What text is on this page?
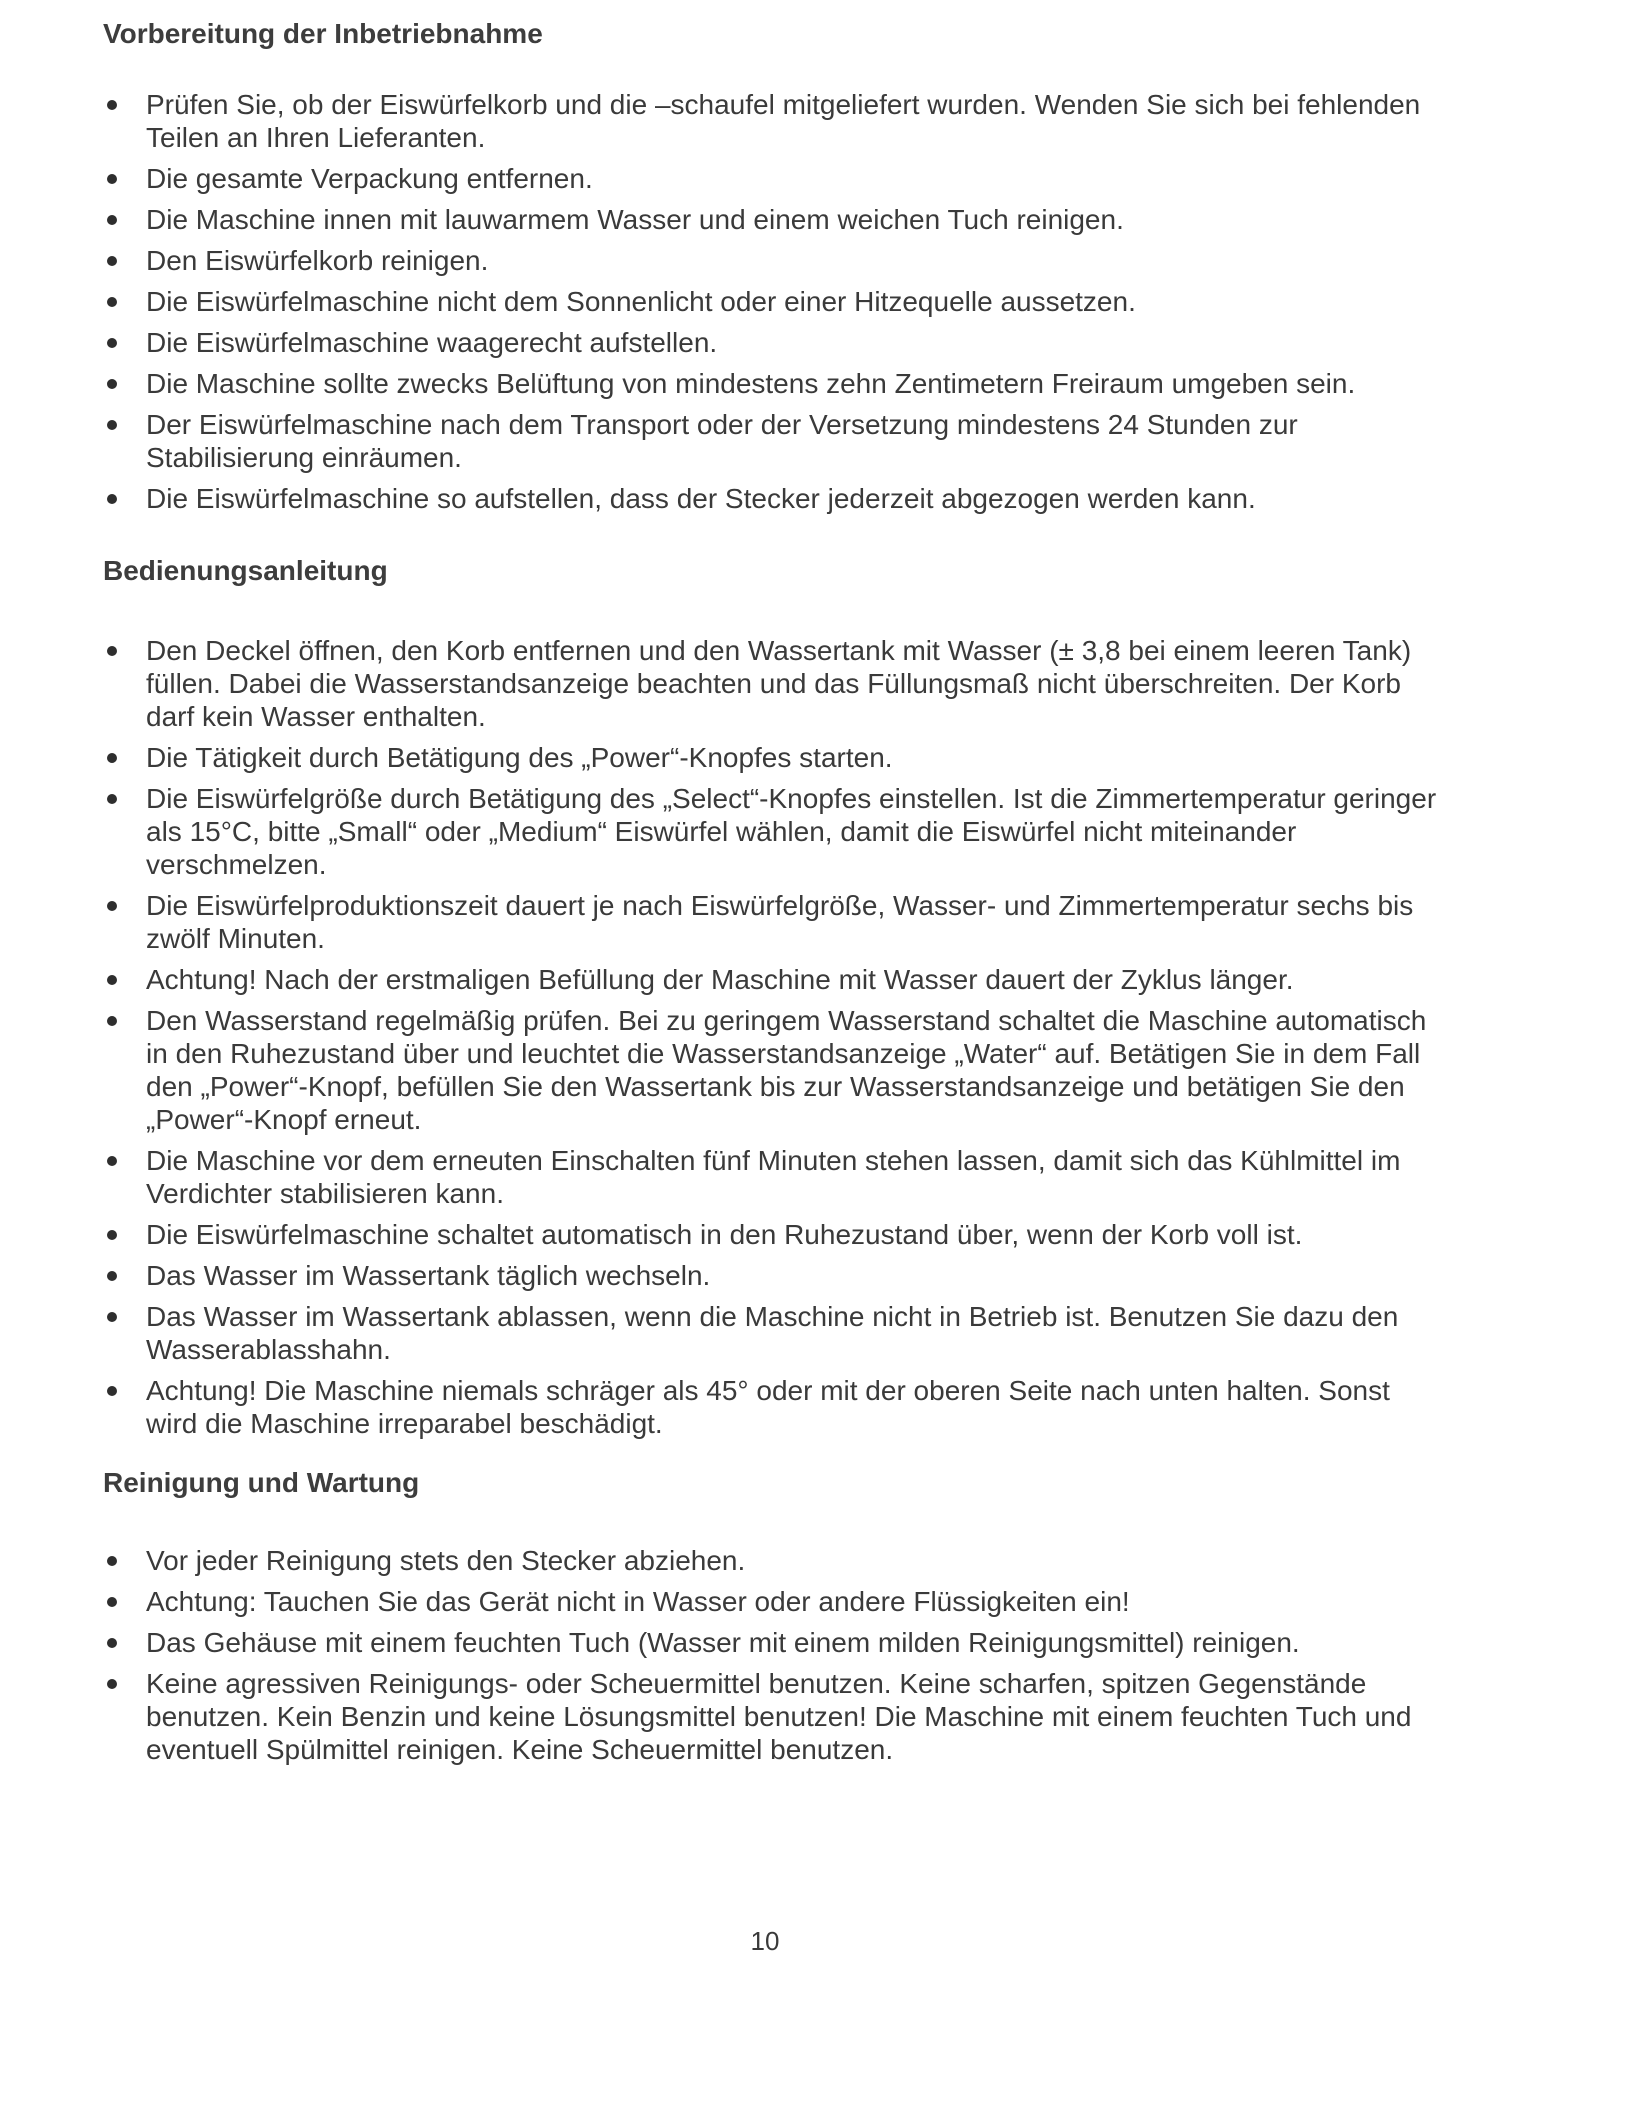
Vorbereitung der Inbetriebnahme
Prüfen Sie, ob der Eiswürfelkorb und die –schaufel mitgeliefert wurden. Wenden Sie sich bei fehlenden Teilen an Ihren Lieferanten.
Die gesamte Verpackung entfernen.
Die Maschine innen mit lauwarmem Wasser und einem weichen Tuch reinigen.
Den Eiswürfelkorb reinigen.
Die Eiswürfelmaschine nicht dem Sonnenlicht oder einer Hitzequelle aussetzen.
Die Eiswürfelmaschine waagerecht aufstellen.
Die Maschine sollte zwecks Belüftung von mindestens zehn Zentimetern Freiraum umgeben sein.
Der Eiswürfelmaschine nach dem Transport oder der Versetzung mindestens 24 Stunden zur Stabilisierung einräumen.
Die Eiswürfelmaschine so aufstellen, dass der Stecker jederzeit abgezogen werden kann.
Bedienungsanleitung
Den Deckel öffnen, den Korb entfernen und den Wassertank mit Wasser (± 3,8 bei einem leeren Tank) füllen. Dabei die Wasserstandsanzeige beachten und das Füllungsmaß nicht überschreiten. Der Korb darf kein Wasser enthalten.
Die Tätigkeit durch Betätigung des „Power“-Knopfes starten.
Die Eiswürfelgröße durch Betätigung des „Select“-Knopfes einstellen. Ist die Zimmertemperatur geringer als 15°C, bitte „Small“ oder „Medium“ Eiswürfel wählen, damit die Eiswürfel nicht miteinander verschmelzen.
Die Eiswürfelproduktionszeit dauert je nach Eiswürfelgröße, Wasser- und Zimmertemperatur sechs bis zwölf Minuten.
Achtung! Nach der erstmaligen Befüllung der Maschine mit Wasser dauert der Zyklus länger.
Den Wasserstand regelmäßig prüfen. Bei zu geringem Wasserstand schaltet die Maschine automatisch in den Ruhezustand über und leuchtet die Wasserstandsanzeige „Water“ auf. Betätigen Sie in dem Fall den „Power“-Knopf, befüllen Sie den Wassertank bis zur Wasserstandsanzeige und betätigen Sie den „Power“-Knopf erneut.
Die Maschine vor dem erneuten Einschalten fünf Minuten stehen lassen, damit sich das Kühlmittel im Verdichter stabilisieren kann.
Die Eiswürfelmaschine schaltet automatisch in den Ruhezustand über, wenn der Korb voll ist.
Das Wasser im Wassertank täglich wechseln.
Das Wasser im Wassertank ablassen, wenn die Maschine nicht in Betrieb ist. Benutzen Sie dazu den Wasserablasshahn.
Achtung! Die Maschine niemals schräger als 45° oder mit der oberen Seite nach unten halten. Sonst wird die Maschine irreparabel beschädigt.
Reinigung und Wartung
Vor jeder Reinigung stets den Stecker abziehen.
Achtung: Tauchen Sie das Gerät nicht in Wasser oder andere Flüssigkeiten ein!
Das Gehäuse mit einem feuchten Tuch (Wasser mit einem milden Reinigungsmittel) reinigen.
Keine agressiven Reinigungs- oder Scheuermittel benutzen. Keine scharfen, spitzen Gegenstände benutzen. Kein Benzin und keine Lösungsmittel benutzen! Die Maschine mit einem feuchten Tuch und eventuell Spülmittel reinigen. Keine Scheuermittel benutzen.
10
